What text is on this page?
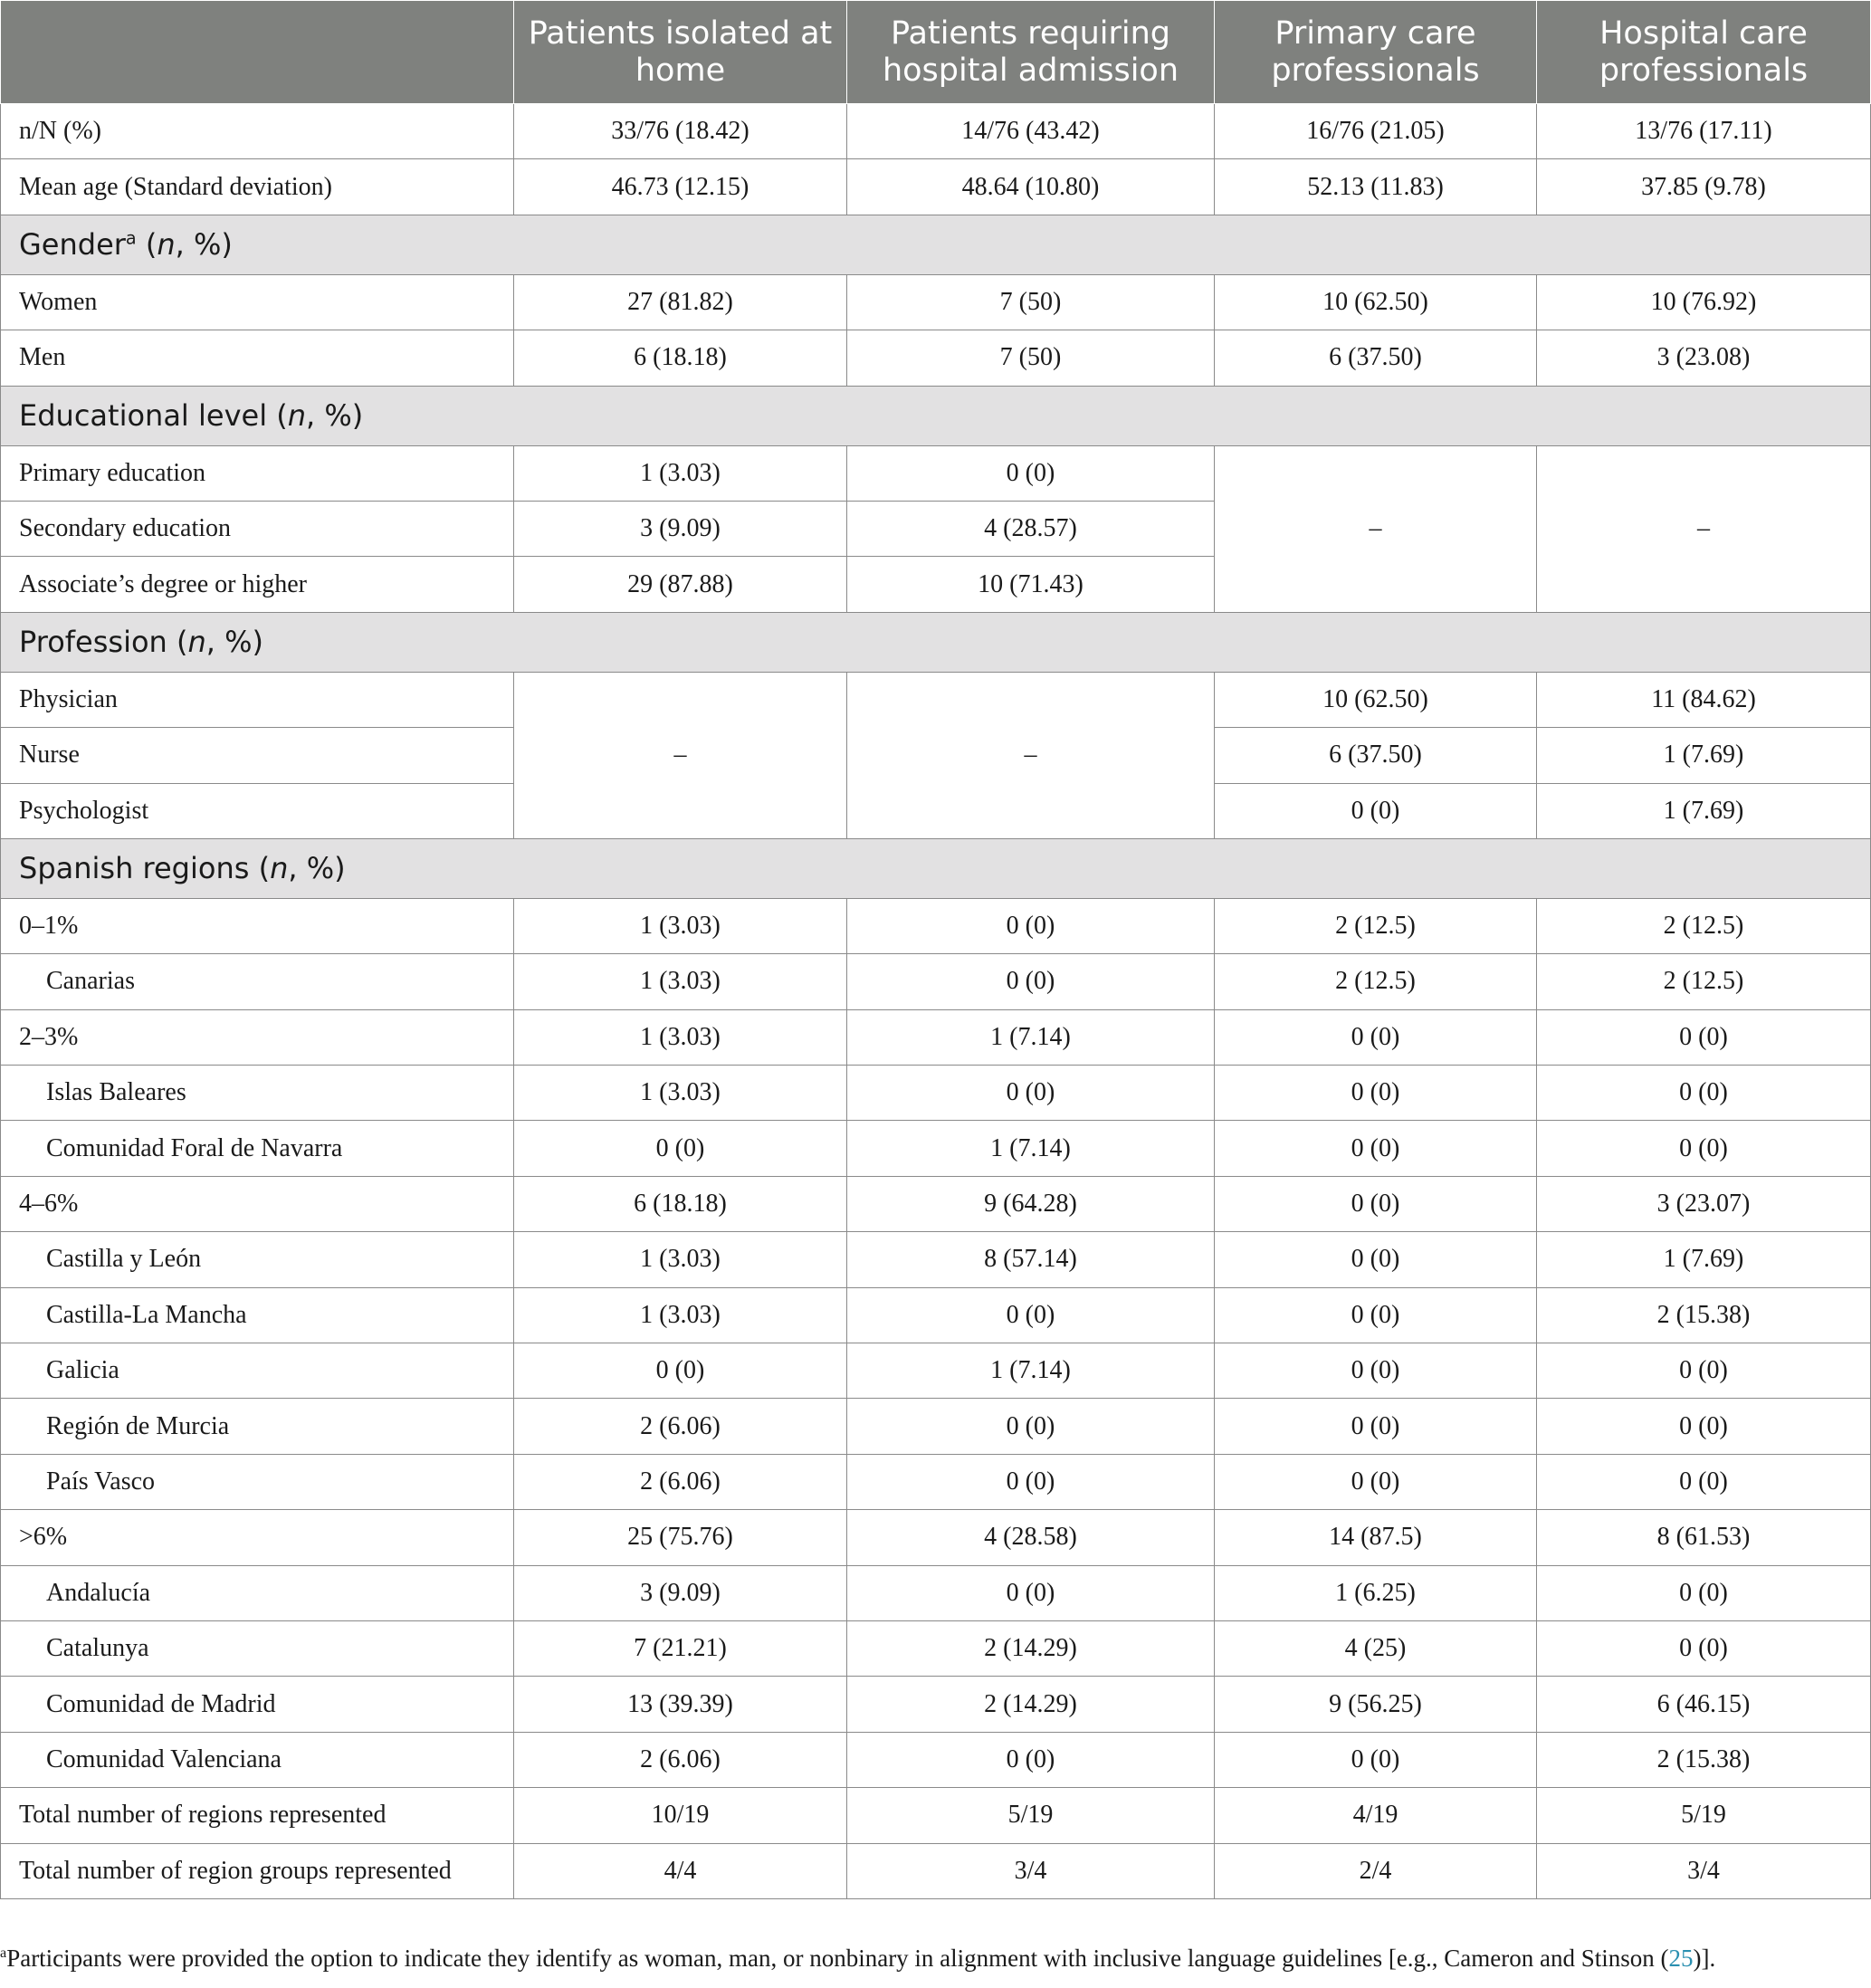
	Patients isolated at home	Patients requiring hospital admission	Primary care professionals	Hospital care professionals
n/N (%)	33/76 (18.42)	14/76 (43.42)	16/76 (21.05)	13/76 (17.11)
Mean age (Standard deviation)	46.73 (12.15)	48.64 (10.80)	52.13 (11.83)	37.85 (9.78)
Gender$^a$ (n, %)				
Women	27 (81.82)	7 (50)	10 (62.50)	10 (76.92)
Men	6 (18.18)	7 (50)	6 (37.50)	3 (23.08)
Educational level (n, %)				
Primary education	1 (3.03)	0 (0)	–	–
Secondary education	3 (9.09)	4 (28.57)		
Associate’s degree or higher	29 (87.88)	10 (71.43)		
Profession (n, %)				
Physician	–	–	10 (62.50)	11 (84.62)
Nurse			6 (37.50)	1 (7.69)
Psychologist			0 (0)	1 (7.69)
Spanish regions (n, %)				
0–1%	1 (3.03)	0 (0)	2 (12.5)	2 (12.5)
Canarias	1 (3.03)	0 (0)	2 (12.5)	2 (12.5)
2–3%	1 (3.03)	1 (7.14)	0 (0)	0 (0)
Islas Baleares	1 (3.03)	0 (0)	0 (0)	0 (0)
Comunidad Foral de Navarra	0 (0)	1 (7.14)	0 (0)	0 (0)
4–6%	6 (18.18)	9 (64.28)	0 (0)	3 (23.07)
Castilla y León	1 (3.03)	8 (57.14)	0 (0)	1 (7.69)
Castilla-La Mancha	1 (3.03)	0 (0)	0 (0)	2 (15.38)
Galicia	0 (0)	1 (7.14)	0 (0)	0 (0)
Región de Murcia	2 (6.06)	0 (0)	0 (0)	0 (0)
País Vasco	2 (6.06)	0 (0)	0 (0)	0 (0)
>6%	25 (75.76)	4 (28.58)	14 (87.5)	8 (61.53)
Andalucía	3 (9.09)	0 (0)	1 (6.25)	0 (0)
Catalunya	7 (21.21)	2 (14.29)	4 (25)	0 (0)
Comunidad de Madrid	13 (39.39)	2 (14.29)	9 (56.25)	6 (46.15)
Comunidad Valenciana	2 (6.06)	0 (0)	0 (0)	2 (15.38)
Total number of regions represented	10/19	5/19	4/19	5/19
Total number of region groups represented	4/4	3/4	2/4	3/4
$^a$Participants were provided the option to indicate they identify as woman, man, or nonbinary in alignment with inclusive language guidelines [e.g., Cameron and Stinson (25)].
